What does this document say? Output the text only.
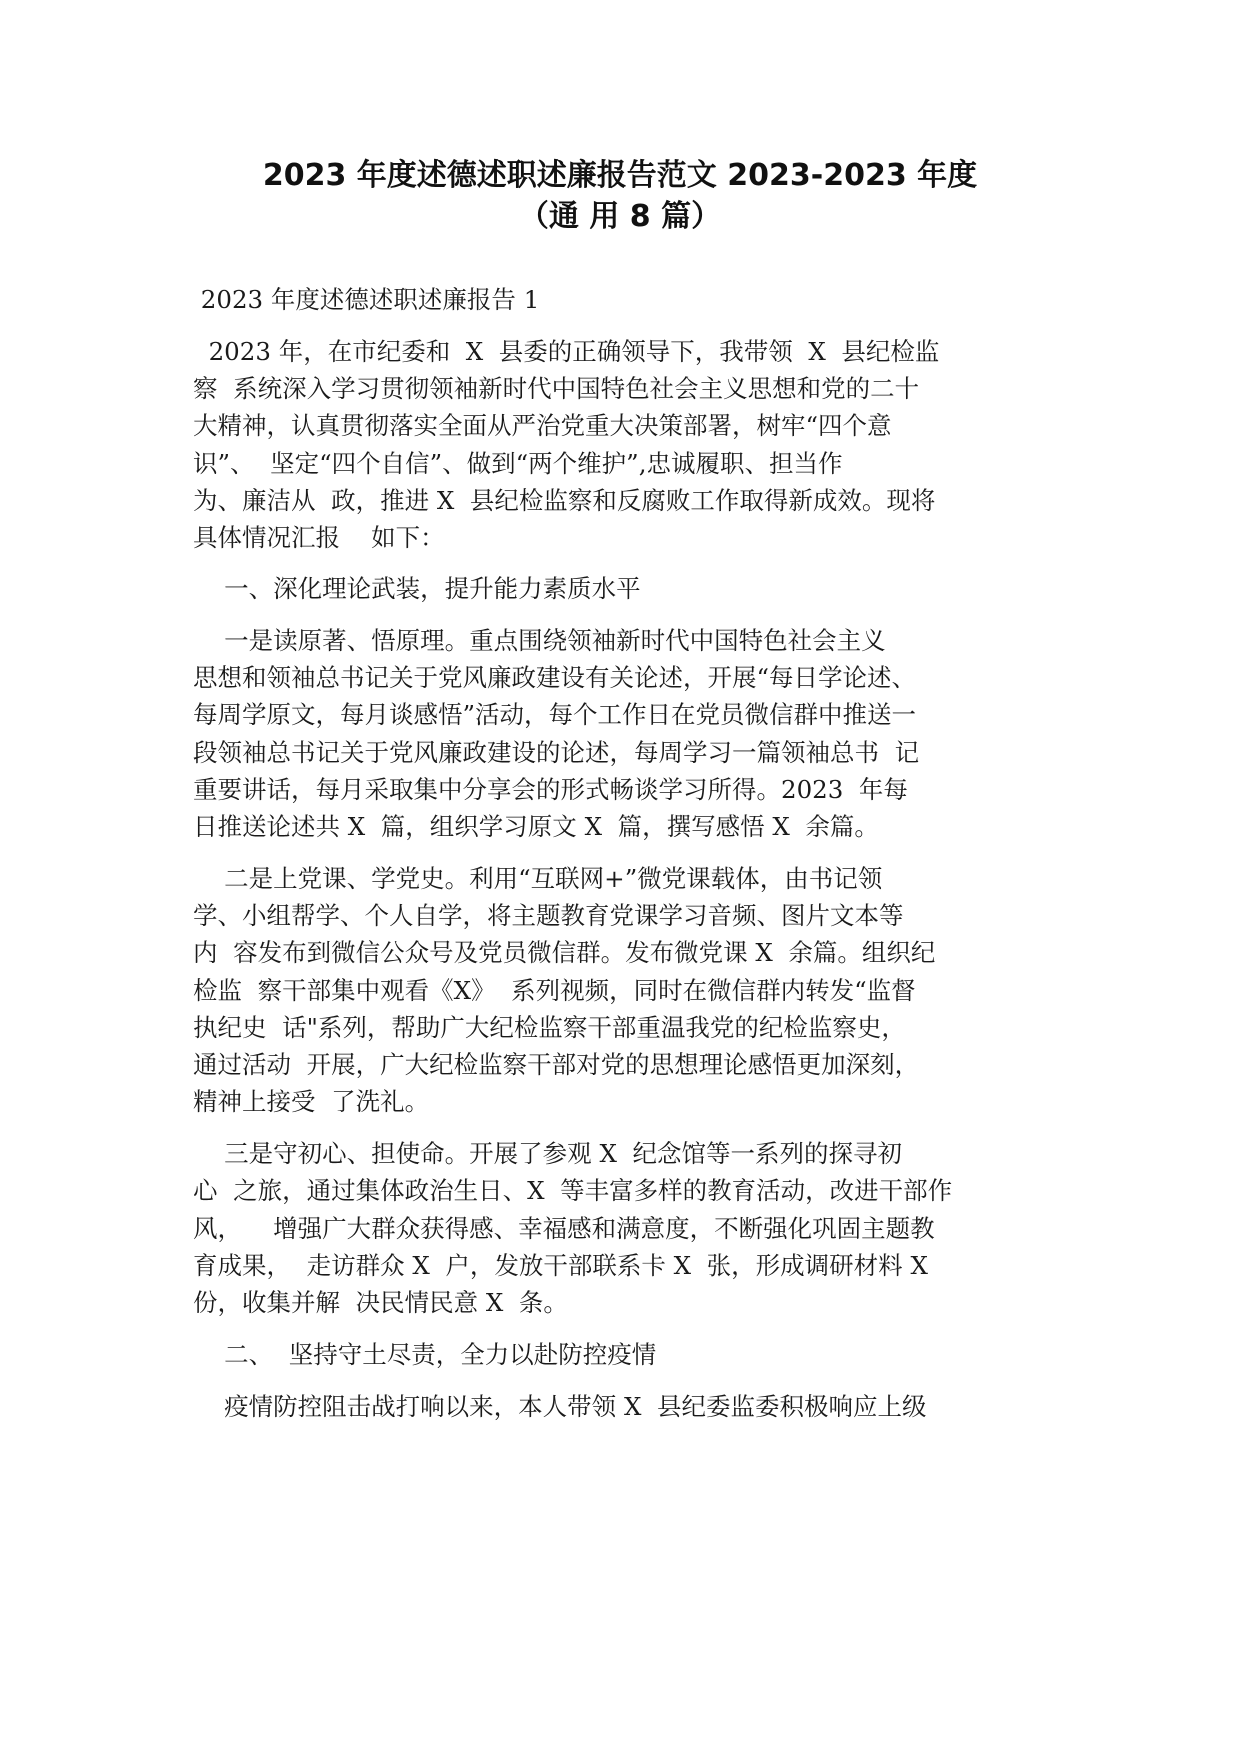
2023 年度述德述职述廉报告范文 2023-2023 年度
（通 用 8 篇）
2023 年度述德述职述廉报告 1
2023 年，在市纪委和  X  县委的正确领导下，我带领  X  县纪检监
察  系统深入学习贯彻领袖新时代中国特色社会主义思想和党的二十
大精神，认真贯彻落实全面从严治党重大决策部署，树牢“四个意
识”、  坚定“四个自信”、做到“两个维护”,忠诚履职、担当作
为、廉洁从  政，推进 X  县纪检监察和反腐败工作取得新成效。现将
具体情况汇报    如下：
一、深化理论武装，提升能力素质水平
一是读原著、悟原理。重点围绕领袖新时代中国特色社会主义
思想和领袖总书记关于党风廉政建设有关论述，开展“每日学论述、
每周学原文，每月谈感悟”活动，每个工作日在党员微信群中推送一
段领袖总书记关于党风廉政建设的论述，每周学习一篇领袖总书  记
重要讲话，每月采取集中分享会的形式畅谈学习所得。2023  年每
日推送论述共 X  篇，组织学习原文 X  篇，撰写感悟 X  余篇。
二是上党课、学党史。利用“互联网+”微党课载体，由书记领
学、小组帮学、个人自学，将主题教育党课学习音频、图片文本等
内  容发布到微信公众号及党员微信群。发布微党课 X  余篇。组织纪
检监  察干部集中观看《X》  系列视频，同时在微信群内转发“监督
执纪史  话"系列，帮助广大纪检监察干部重温我党的纪检监察史，
通过活动  开展，广大纪检监察干部对党的思想理论感悟更加深刻，
精神上接受  了洗礼。
三是守初心、担使命。开展了参观 X  纪念馆等一系列的探寻初
心  之旅，通过集体政治生日、X  等丰富多样的教育活动，改进干部作
风，    增强广大群众获得感、幸福感和满意度，不断强化巩固主题教
育成果，  走访群众 X  户，发放干部联系卡 X  张，形成调研材料 X
份，收集并解  决民情民意 X  条。
二、  坚持守土尽责，全力以赴防控疫情
疫情防控阻击战打响以来，本人带领 X  县纪委监委积极响应上级
